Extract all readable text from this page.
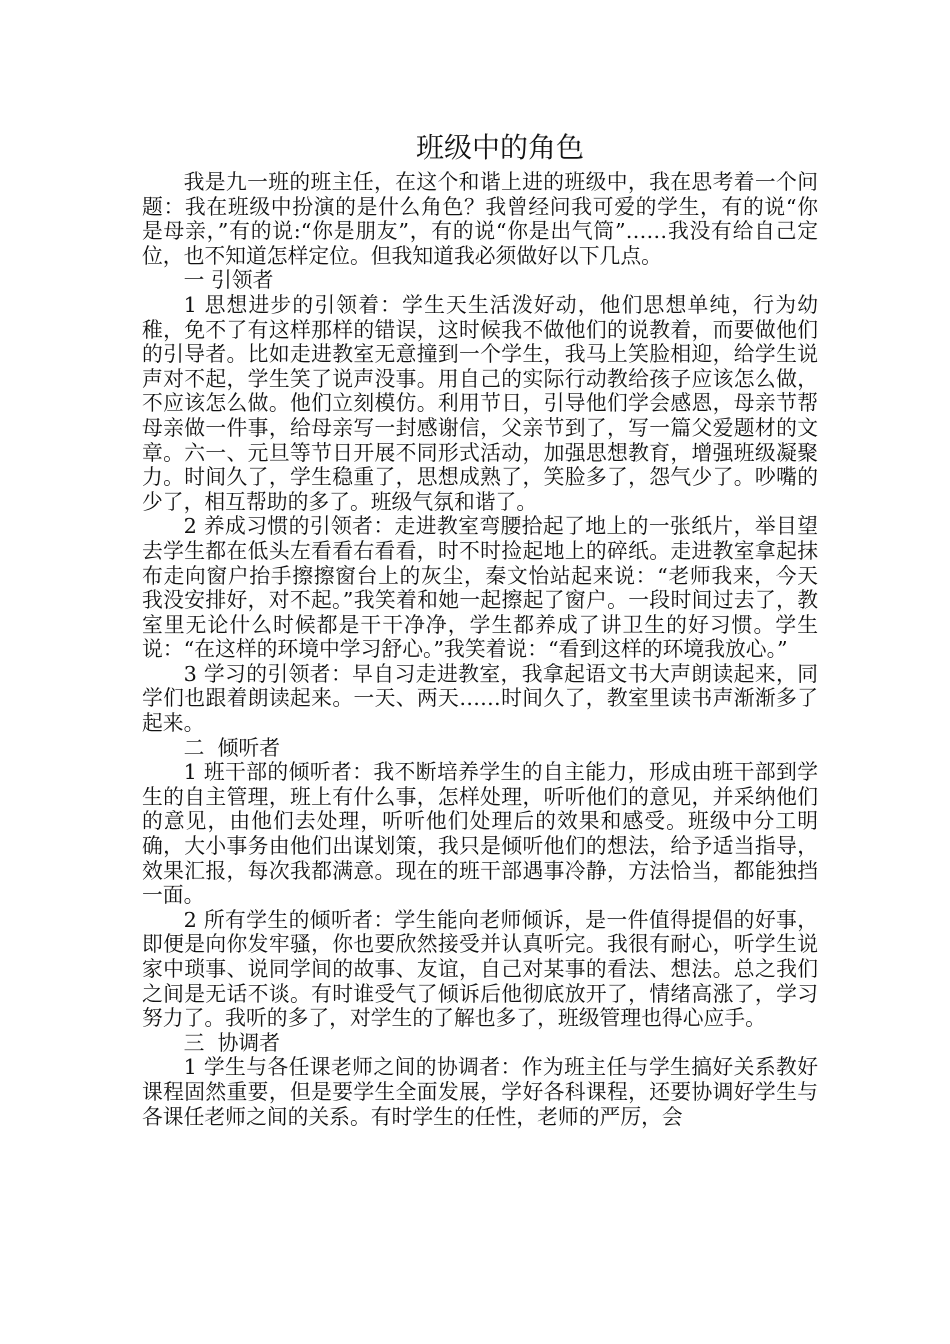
班级中的角色
我是九一班的班主任，在这个和谐上进的班级中，我在思考着一个问题：我在班级中扮演的是什么角色？我曾经问我可爱的学生，有的说“你是母亲，”有的说:“你是朋友”，有的说“你是出气筒”……我没有给自己定位，也不知道怎样定位。但我知道我必须做好以下几点。
一 引领者
1 思想进步的引领着：学生天生活泼好动，他们思想单纯，行为幼稚，免不了有这样那样的错误，这时候我不做他们的说教着，而要做他们的引导者。比如走进教室无意撞到一个学生，我马上笑脸相迎，给学生说声对不起，学生笑了说声没事。用自己的实际行动教给孩子应该怎么做，不应该怎么做。他们立刻模仿。利用节日，引导他们学会感恩，母亲节帮母亲做一件事，给母亲写一封感谢信，父亲节到了，写一篇父爱题材的文章。六一、元旦等节日开展不同形式活动，加强思想教育，增强班级凝聚力。时间久了，学生稳重了，思想成熟了，笑脸多了，怨气少了。吵嘴的少了，相互帮助的多了。班级气氛和谐了。
2 养成习惯的引领者：走进教室弯腰拾起了地上的一张纸片，举目望去学生都在低头左看看右看看，时不时捡起地上的碎纸。走进教室拿起抹布走向窗户抬手擦擦窗台上的灰尘，秦文怡站起来说：“老师我来，今天我没安排好，对不起。”我笑着和她一起擦起了窗户。一段时间过去了，教室里无论什么时候都是干干净净，学生都养成了讲卫生的好习惯。学生说：“在这样的环境中学习舒心。”我笑着说：“看到这样的环境我放心。”
3 学习的引领者：早自习走进教室，我拿起语文书大声朗读起来，同学们也跟着朗读起来。一天、两天……时间久了，教室里读书声渐渐多了起来。
二  倾听者
1 班干部的倾听者：我不断培养学生的自主能力，形成由班干部到学生的自主管理，班上有什么事，怎样处理，听听他们的意见，并采纳他们的意见，由他们去处理，听听他们处理后的效果和感受。班级中分工明确，大小事务由他们出谋划策，我只是倾听他们的想法，给予适当指导，效果汇报，每次我都满意。现在的班干部遇事冷静，方法恰当，都能独挡一面。
2 所有学生的倾听者：学生能向老师倾诉，是一件值得提倡的好事，即便是向你发牢骚，你也要欣然接受并认真听完。我很有耐心，听学生说家中琐事、说同学间的故事、友谊，自己对某事的看法、想法。总之我们之间是无话不谈。有时谁受气了倾诉后他彻底放开了，情绪高涨了，学习努力了。我听的多了，对学生的了解也多了，班级管理也得心应手。
三  协调者
1 学生与各任课老师之间的协调者：作为班主任与学生搞好关系教好课程固然重要，但是要学生全面发展，学好各科课程，还要协调好学生与各课任老师之间的关系。有时学生的任性，老师的严厉，会
